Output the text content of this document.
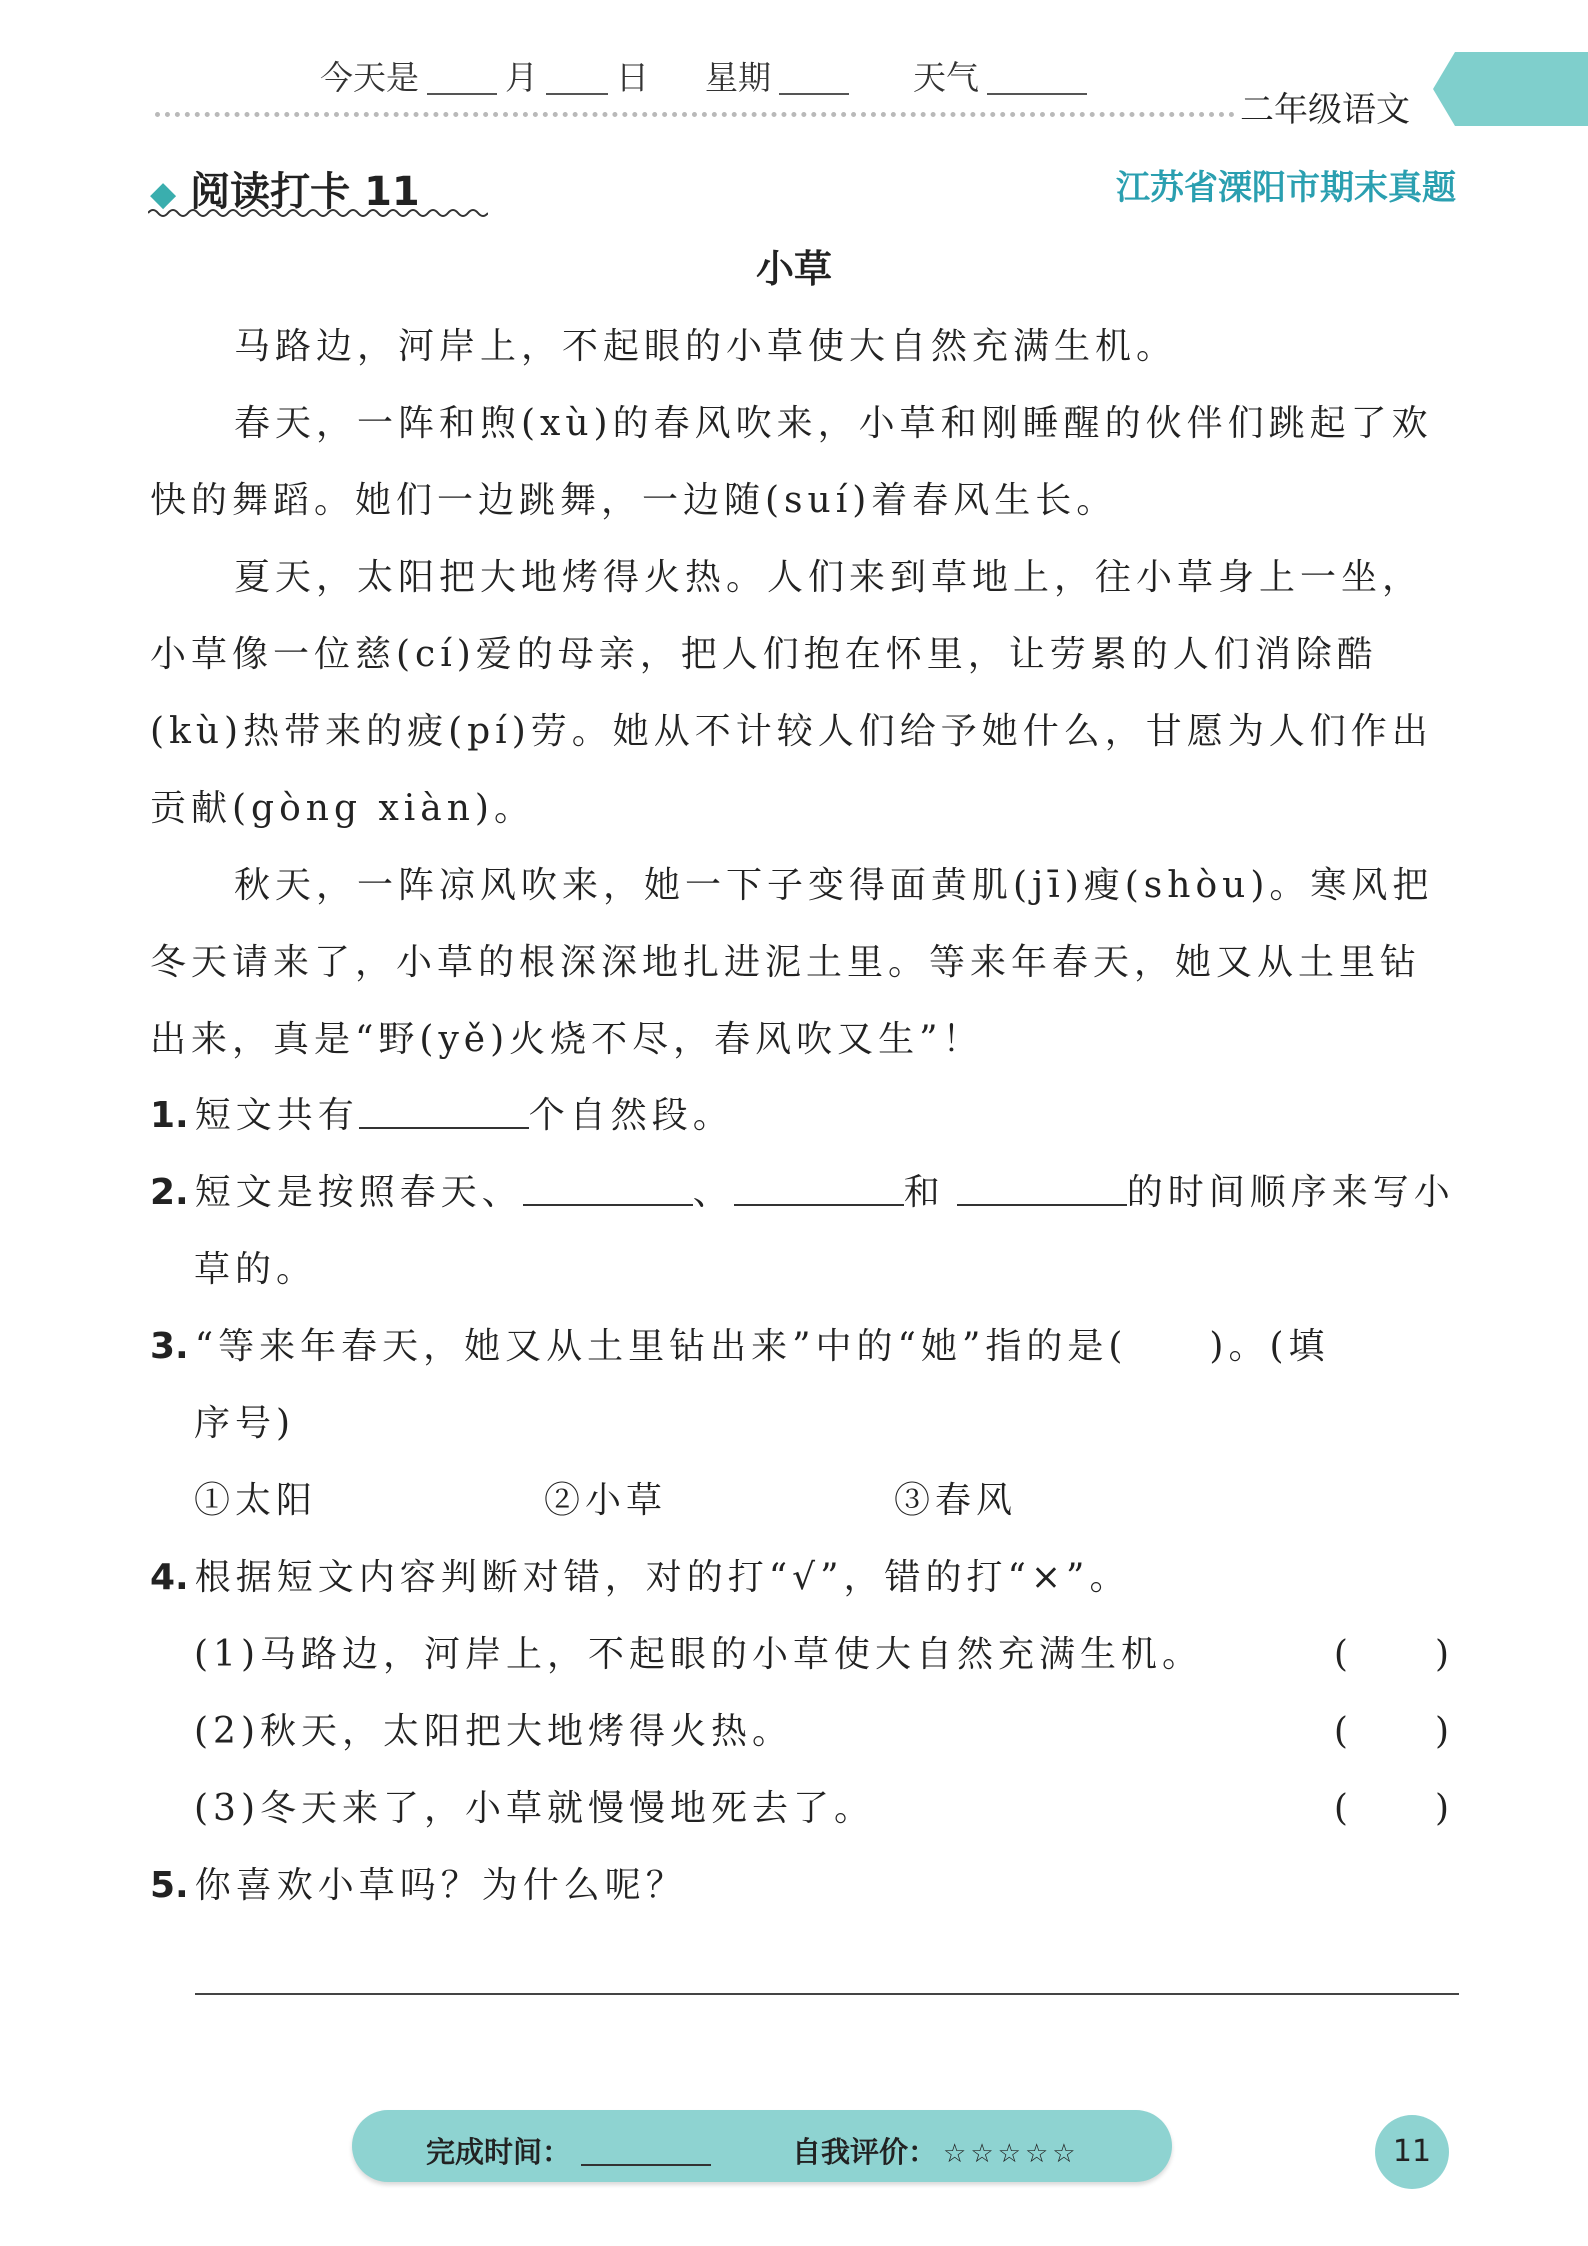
今天是	月 日 星期	天气
二年级语文
◆ 阅读打卡 11	江苏省溧阳市期末真题
小草

马路边，河岸上，不起眼的小草使大自然充满生机。

春天，一阵和煦(xù)的春风吹来，小草和刚睡醒的伙伴们跳起了欢快的舞蹈。她们一边跳舞，一边随(suí)着春风生长。

夏天，太阳把大地烤得火热。人们来到草地上，往小草身上一坐，小草像一位慈(cí)爱的母亲，把人们抱在怀里，让劳累的人们消除酷(kù)热带来的疲(pí)劳。她从不计较人们给予她什么，甘愿为人们作出贡献(gòng xiàn)。

秋天，一阵凉风吹来，她一下子变得面黄肌(jī)瘦(shòu)。寒风把冬天请来了，小草的根深深地扎进泥土里。等来年春天，她又从土里钻出来，真是“野(yě)火烧不尽，春风吹又生”！

1. 短文共有	个自然段。
2. 短文是按照春天、	、	和	的时间顺序来写小
草的。
3. “等来年春天，她又从土里钻出来”中的“她”指的是(　　)。(填
序号)
①太阳	②小草	③春风
4. 根据短文内容判断对错，对的打“√”，错的打“×”。
(1)马路边，河岸上，不起眼的小草使大自然充满生机。	(　　)
(2)秋天，太阳把大地烤得火热。	(　　)
(3)冬天来了，小草就慢慢地死去了。	(　　)
5. 你喜欢小草吗？为什么呢？
完成时间：	自我评价： ☆☆☆☆☆	11
